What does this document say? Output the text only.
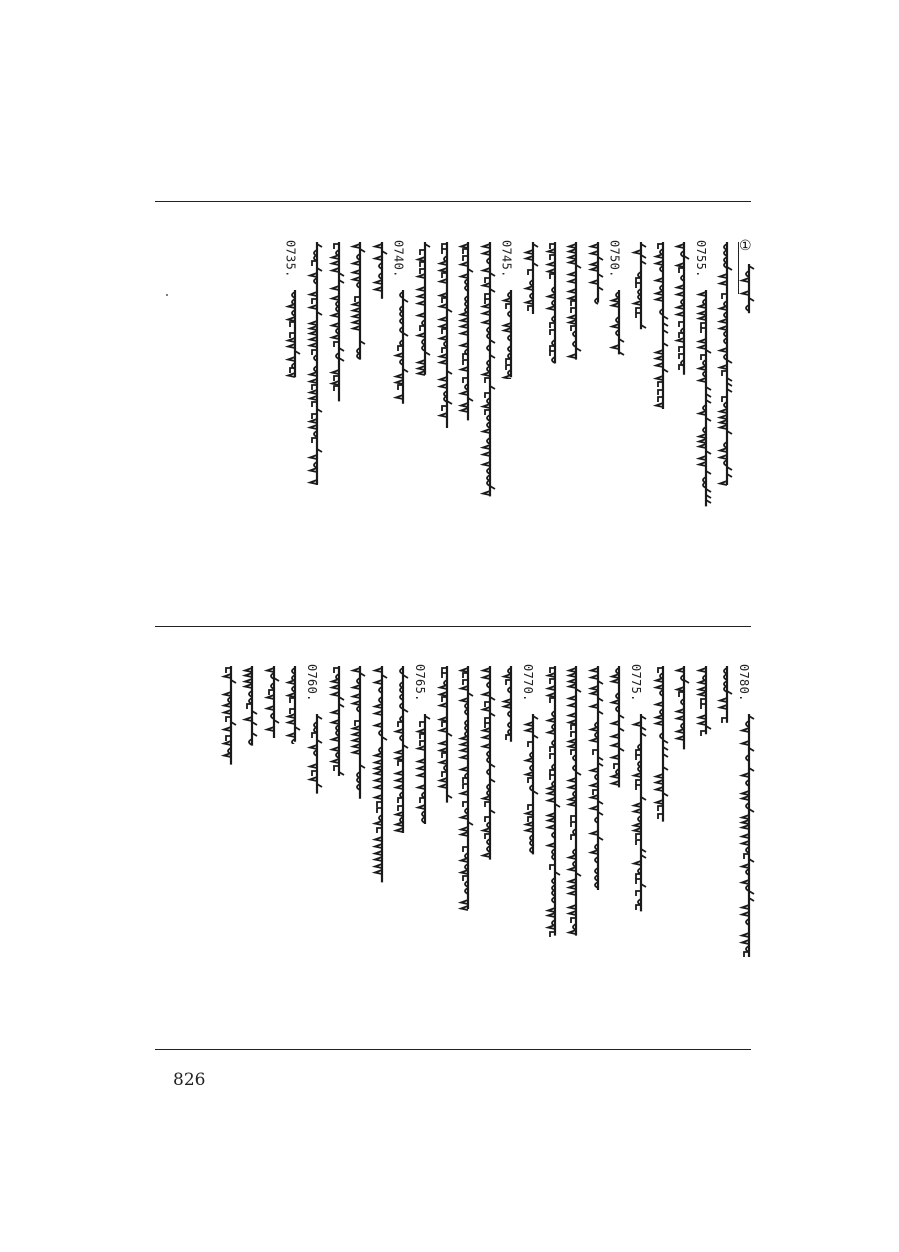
①
0755.
0750.
0745.
0740.
0735.
0780.
0775.
0770.
0765.
0760.
826
